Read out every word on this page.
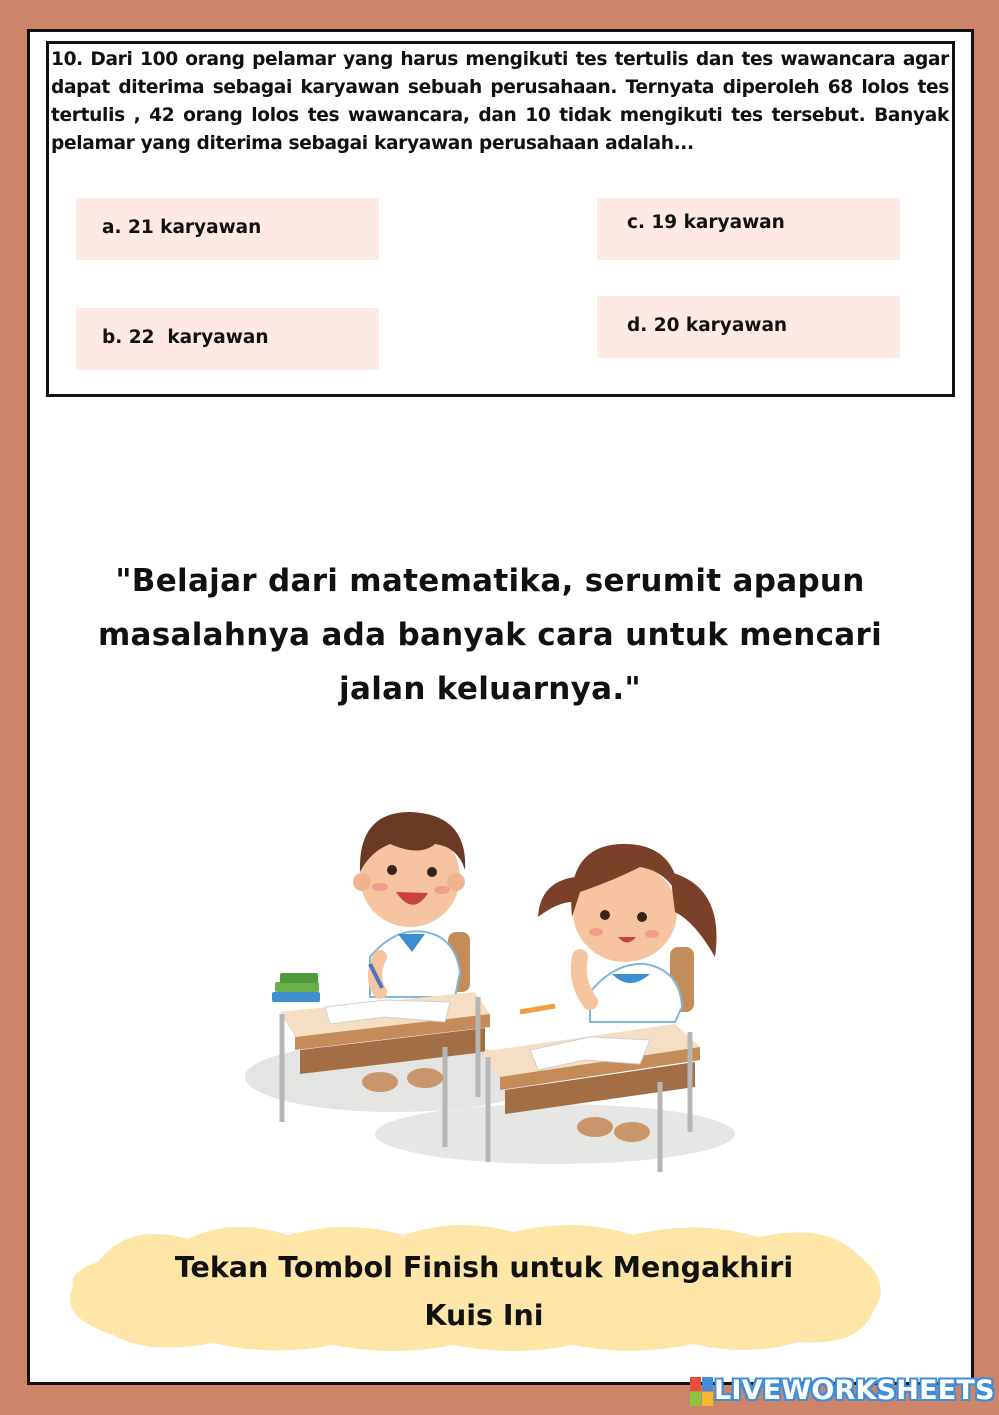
10. Dari 100 orang pelamar yang harus mengikuti tes tertulis dan tes wawancara agar dapat diterima sebagai karyawan sebuah perusahaan. Ternyata diperoleh 68 lolos tes tertulis , 42 orang lolos tes wawancara, dan 10 tidak mengikuti tes tersebut. Banyak pelamar yang diterima sebagai karyawan perusahaan adalah...
a. 21 karyawan
b. 22  karyawan
c. 19 karyawan
d. 20 karyawan
"Belajar dari matematika, serumit apapun
masalahnya ada banyak cara untuk mencari
jalan keluarnya."
Tekan Tombol Finish untuk Mengakhiri
Kuis Ini
LIVEWORKSHEETS
